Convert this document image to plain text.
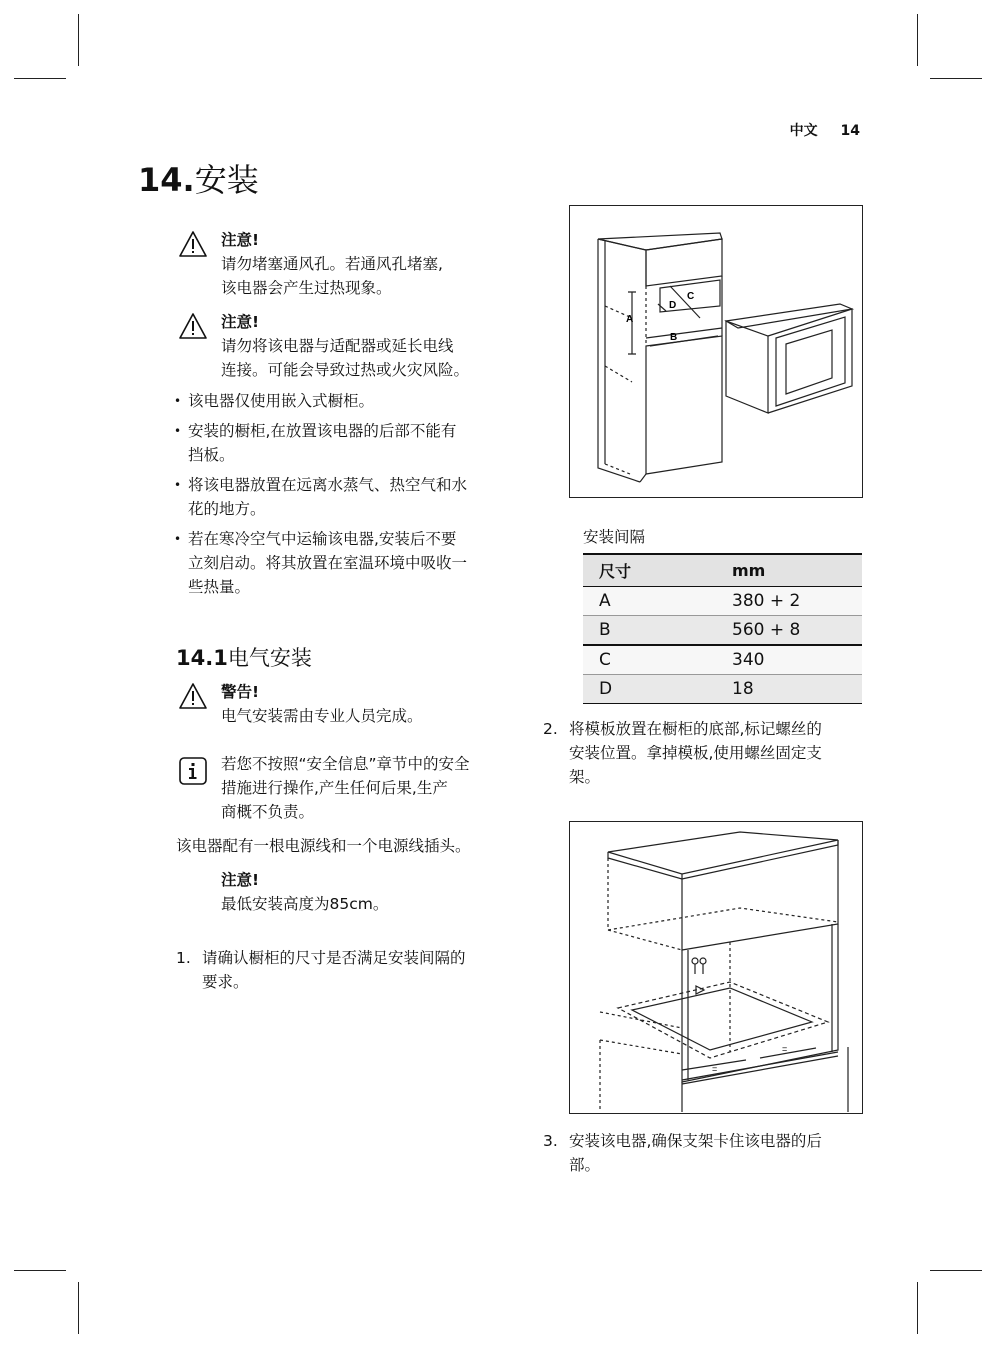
中文 14
14.安装
注意!
请勿堵塞通风孔。若通风孔堵塞,
该电器会产生过热现象。
注意!
请勿将该电器与适配器或延长电线
连接。可能会导致过热或火灾风险。
• 该电器仅使用嵌入式橱柜。
• 安装的橱柜,在放置该电器的后部不能有
挡板。
• 将该电器放置在远离水蒸气、热空气和水
花的地方。
• 若在寒冷空气中运输该电器,安装后不要
立刻启动。将其放置在室温环境中吸收一
些热量。
14.1电气安装
警告!
电气安装需由专业人员完成。
若您不按照“安全信息”章节中的安全
措施进行操作,产生任何后果,生产
商概不负责。
该电器配有一根电源线和一个电源线插头。
注意!
最低安装高度为85cm。
1. 请确认橱柜的尺寸是否满足安装间隔的
要求。
A
B
C
D
安装间隔
尺寸	mm
A	380 + 2
B	560 + 8
C	340
D	18
2. 将模板放置在橱柜的底部,标记螺丝的
安装位置。拿掉模板,使用螺丝固定支
架。
=
=
3. 安装该电器,确保支架卡住该电器的后
部。
